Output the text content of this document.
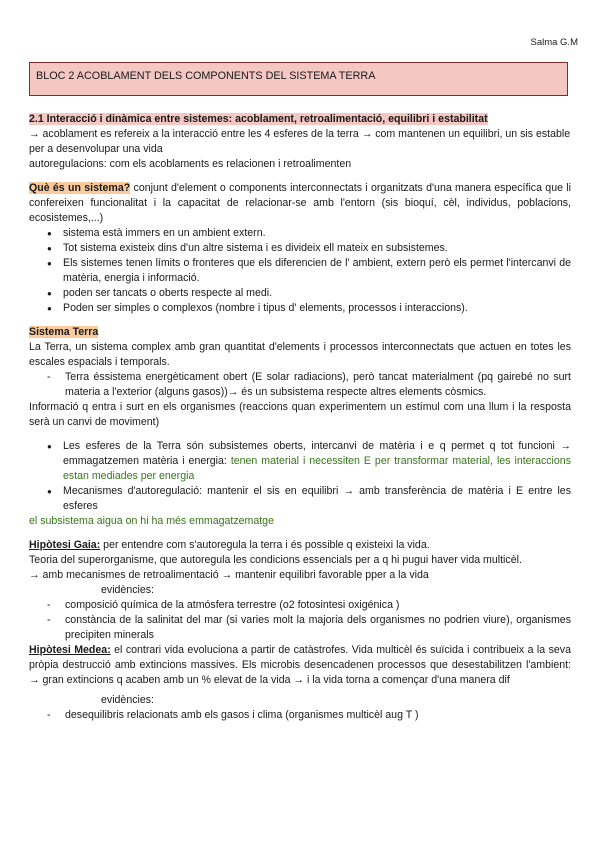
Salma G.M
BLOC 2 ACOBLAMENT DELS COMPONENTS DEL SISTEMA TERRA

2.1 Interacció i dinàmica entre sistemes: acoblament, retroalimentació, equilibri i estabilitat

→ acoblament es refereix a la interacció entre les 4 esferes de la terra → com mantenen un equilibri, un sis estable per a desenvolupar una vida

autoregulacions: com els acoblaments es relacionen i retroalimenten

Què és un sistema? conjunt d'element o components interconnectats i organitzats d'una manera específica que li confereixen funcionalitat i la capacitat de relacionar-se amb l'entorn (sis bioquí, cèl, individus, poblacions, ecosistemes,...)

● sistema està immers en un ambient extern.
● Tot sistema existeix dins d'un altre sistema i es divideix ell mateix en subsistemes.
● Els sistemes tenen límits o fronteres que els diferencien de l' ambient, extern però els permet l'intercanvi de matèria, energia i informació.
● poden ser tancats o oberts respecte al medi.
● Poden ser simples o complexos (nombre i tipus d' elements, processos i interaccions).

Sistema Terra

La Terra, un sistema complex amb gran quantitat d'elements i processos interconnectats que actuen en totes les escales espacials i temporals.

- Terra éssistema energèticament obert (E solar radiacions), però tancat materialment (pq gairebé no surt materia a l'exterior (alguns gasos))→ és un subsistema respecte altres elements còsmics.

Informació q entra i surt en els organismes (reaccions quan experimentem un estímul com una llum i la resposta serà un canvi de moviment)

● Les esferes de la Terra són subsistemes oberts, intercanvi de matèria i e q permet q tot funcioni → emmagatzemen matèria i energia: tenen material i necessiten E per transformar material, les interaccions estan mediades per energia
● Mecanismes d'autoregulació: mantenir el sis en equilibri → amb transferència de matèria i E entre les esferes

el subsistema aigua on hi ha més emmagatzematge

Hipòtesi Gaia: per entendre com s'autoregula la terra i és possible q existeixi la vida.

Teoria del superorganisme, que autoregula les condicions essencials per a q hi pugui haver vida multicèl.

→ amb mecanismes de retroalimentació → mantenir equilibri favorable pper a la vida

evidències:

- composició química de la atmósfera terrestre (o2 fotosintesi oxigénica )
- constància de la salinitat del mar (si varies molt la majoria dels organismes no podrien viure), organismes precipiten minerals

Hipòtesi Medea: el contrari vida evoluciona a partir de catàstrofes. Vida multicèl és suïcida i contribueix a la seva pròpia destrucció amb extincions massives. Els microbis desencadenen processos que desestabilitzen l'ambient: → gran extincions q acaben amb un % elevat de la vida → i la vida torna a començar d'una manera dif

evidències:

- desequilibris relacionats amb els gasos i clima (organismes multicèl aug T )
